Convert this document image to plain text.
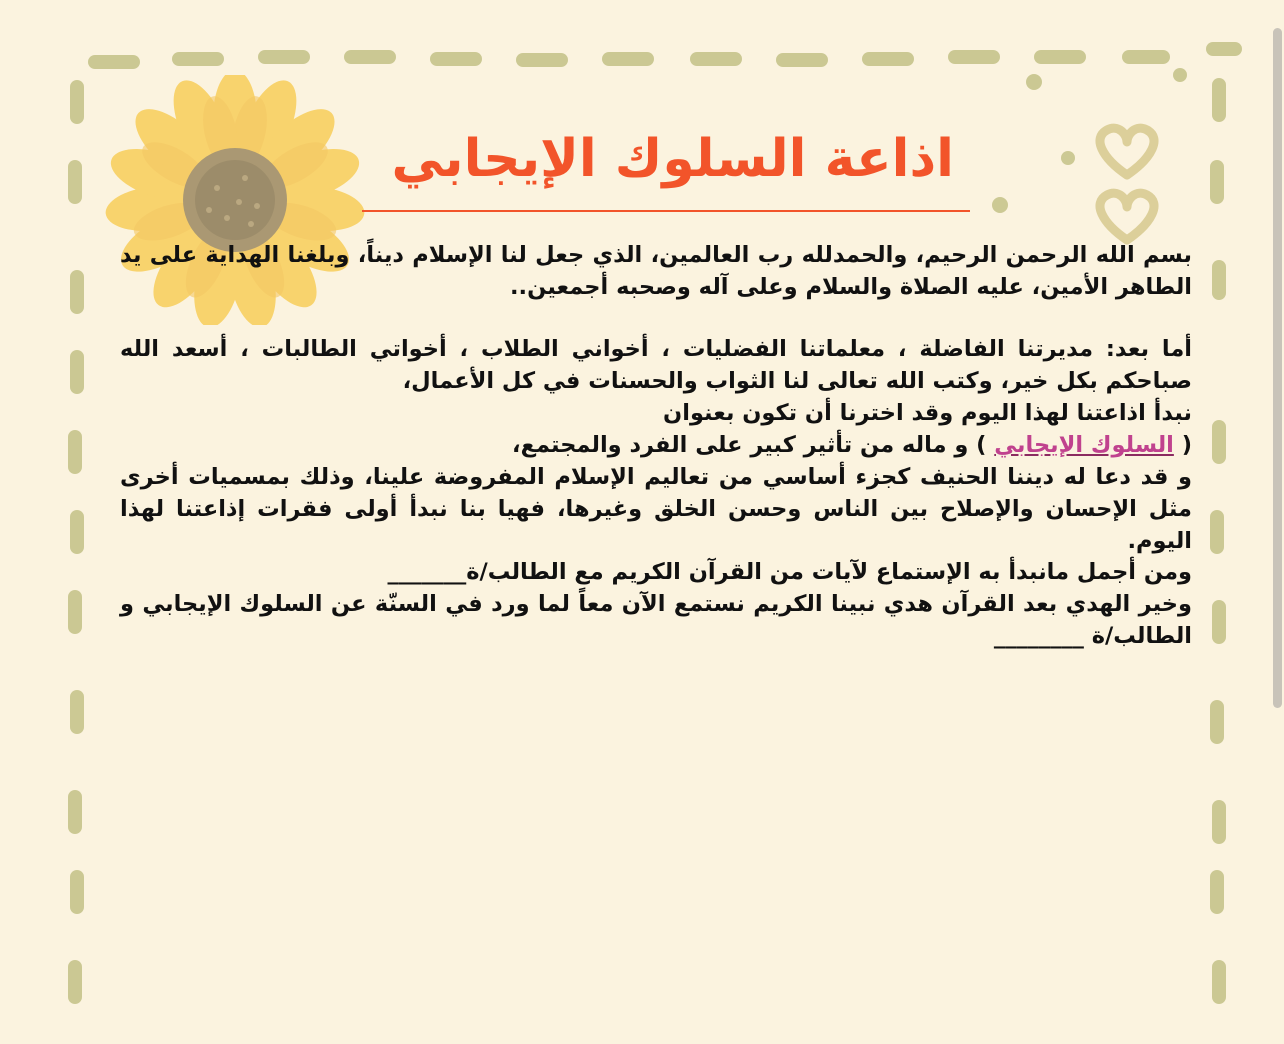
اذاعة السلوك الإيجابي

بسم الله الرحمن الرحيم، والحمدلله رب العالمين، الذي جعل لنا الإسلام ديناً، وبلغنا الهداية على يد الطاهر الأمين، عليه الصلاة والسلام وعلى آله وصحبه أجمعين..

أما بعد: مديرتنا الفاضلة ، معلماتنا الفضليات ، أخواني الطلاب ، أخواتي الطالبات ، أسعد الله صباحكم بكل خير، وكتب الله تعالى لنا الثواب والحسنات في كل الأعمال،

نبدأ اذاعتنا لهذا اليوم وقد اخترنا أن تكون بعنوان

( السلوك الإيجابي ) و ماله من تأثير كبير على الفرد والمجتمع،

و قد دعا له ديننا الحنيف كجزء أساسي من تعاليم الإسلام المفروضة علينا، وذلك بمسميات أخرى مثل الإحسان والإصلاح بين الناس وحسن الخلق وغيرها، فهيا بنا نبدأ أولى فقرات إذاعتنا لهذا اليوم.

ومن أجمل مانبدأ به الإستماع لآيات من القرآن الكريم مع الطالب/ة_______

وخير الهدي بعد القرآن هدي نبينا الكريم نستمع الآن معاً لما ورد في السنّة عن السلوك الإيجابي و الطالب/ة ________
